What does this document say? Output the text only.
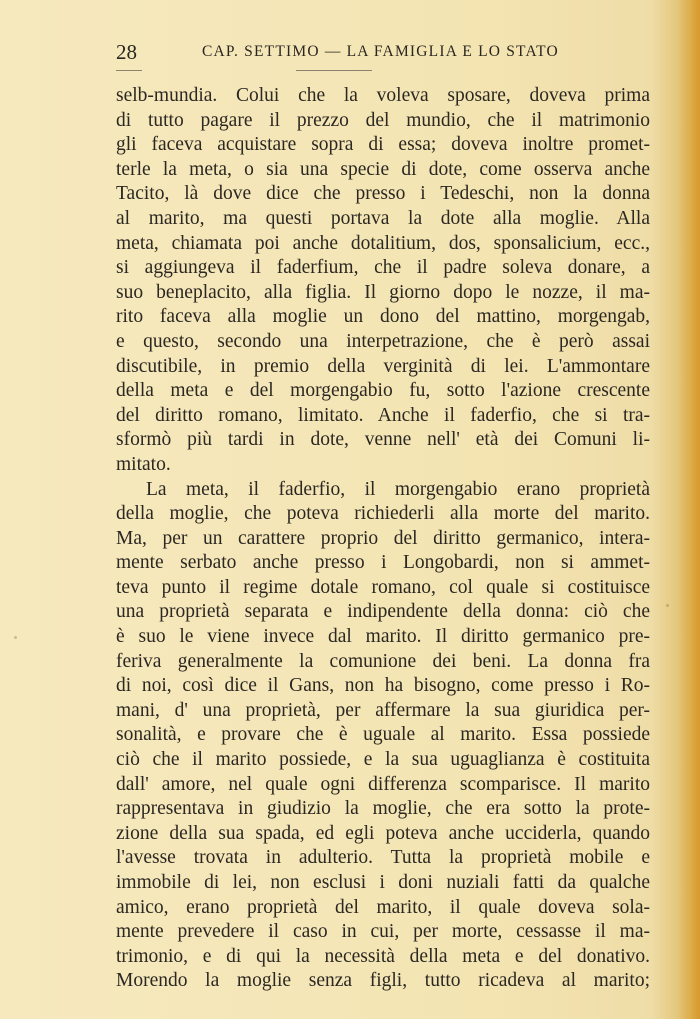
28	CAP. SETTIMO — LA FAMIGLIA E LO STATO
selb-mundia. Colui che la voleva sposare, doveva prima
di tutto pagare il prezzo del mundio, che il matrimonio
gli faceva acquistare sopra di essa; doveva inoltre promet-
terle la meta, o sia una specie di dote, come osserva anche
Tacito, là dove dice che presso i Tedeschi, non la donna
al marito, ma questi portava la dote alla moglie. Alla
meta, chiamata poi anche dotalitium, dos, sponsalicium, ecc.,
si aggiungeva il faderfium, che il padre soleva donare, a
suo beneplacito, alla figlia. Il giorno dopo le nozze, il ma-
rito faceva alla moglie un dono del mattino, morgengab,
e questo, secondo una interpetrazione, che è però assai
discutibile, in premio della verginità di lei. L'ammontare
della meta e del morgengabio fu, sotto l'azione crescente
del diritto romano, limitato. Anche il faderfio, che si tra-
sformò più tardi in dote, venne nell' età dei Comuni li-
mitato.
La meta, il faderfio, il morgengabio erano proprietà
della moglie, che poteva richiederli alla morte del marito.
Ma, per un carattere proprio del diritto germanico, intera-
mente serbato anche presso i Longobardi, non si ammet-
teva punto il regime dotale romano, col quale si costituisce
una proprietà separata e indipendente della donna: ciò che
è suo le viene invece dal marito. Il diritto germanico pre-
feriva generalmente la comunione dei beni. La donna fra
di noi, così dice il Gans, non ha bisogno, come presso i Ro-
mani, d' una proprietà, per affermare la sua giuridica per-
sonalità, e provare che è uguale al marito. Essa possiede
ciò che il marito possiede, e la sua uguaglianza è costituita
dall' amore, nel quale ogni differenza scomparisce. Il marito
rappresentava in giudizio la moglie, che era sotto la prote-
zione della sua spada, ed egli poteva anche ucciderla, quando
l'avesse trovata in adulterio. Tutta la proprietà mobile e
immobile di lei, non esclusi i doni nuziali fatti da qualche
amico, erano proprietà del marito, il quale doveva sola-
mente prevedere il caso in cui, per morte, cessasse il ma-
trimonio, e di qui la necessità della meta e del donativo.
Morendo la moglie senza figli, tutto ricadeva al marito;
